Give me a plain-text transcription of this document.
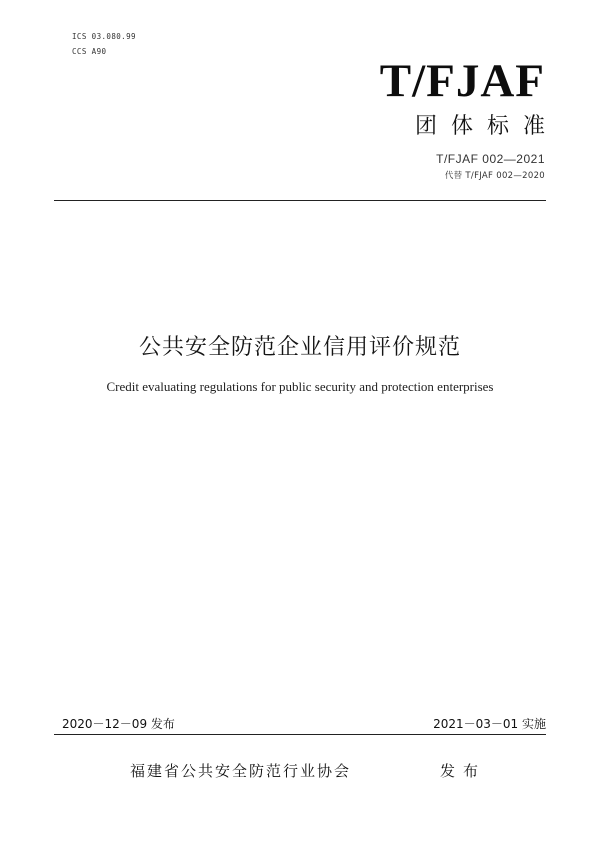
ICS 03.080.99
CCS A90
T/FJAF
团体标准
T/FJAF 002—2021
代替 T/FJAF 002—2020
公共安全防范企业信用评价规范
Credit evaluating regulations for public security and protection enterprises
2020－12－09 发布	2021－03－01 实施
福建省公共安全防范行业协会	发布
